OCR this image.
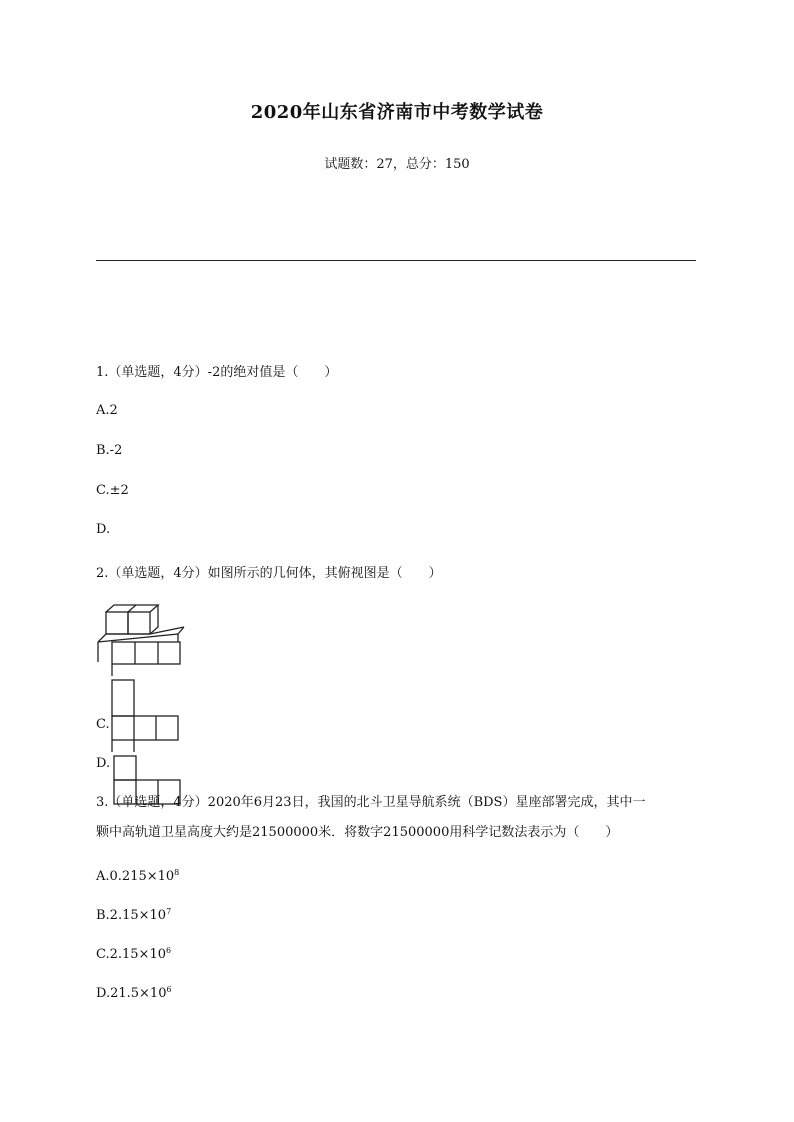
2020年山东省济南市中考数学试卷
试题数：27，总分：150
1.（单选题，4分）-2的绝对值是（　　）
A.2
B.-2
C.±2
D.
2.（单选题，4分）如图所示的几何体，其俯视图是（　　）
C.
D.
3.（单选题，4分）2020年6月23日，我国的北斗卫星导航系统（BDS）星座部署完成，其中一
颗中高轨道卫星高度大约是21500000米．将数字21500000用科学记数法表示为（　　）
$A.0.215\times 10^8$
$B.2.15\times 10^7$
$C.2.15\times 10^6$
$D.21.5\times 10^6$
